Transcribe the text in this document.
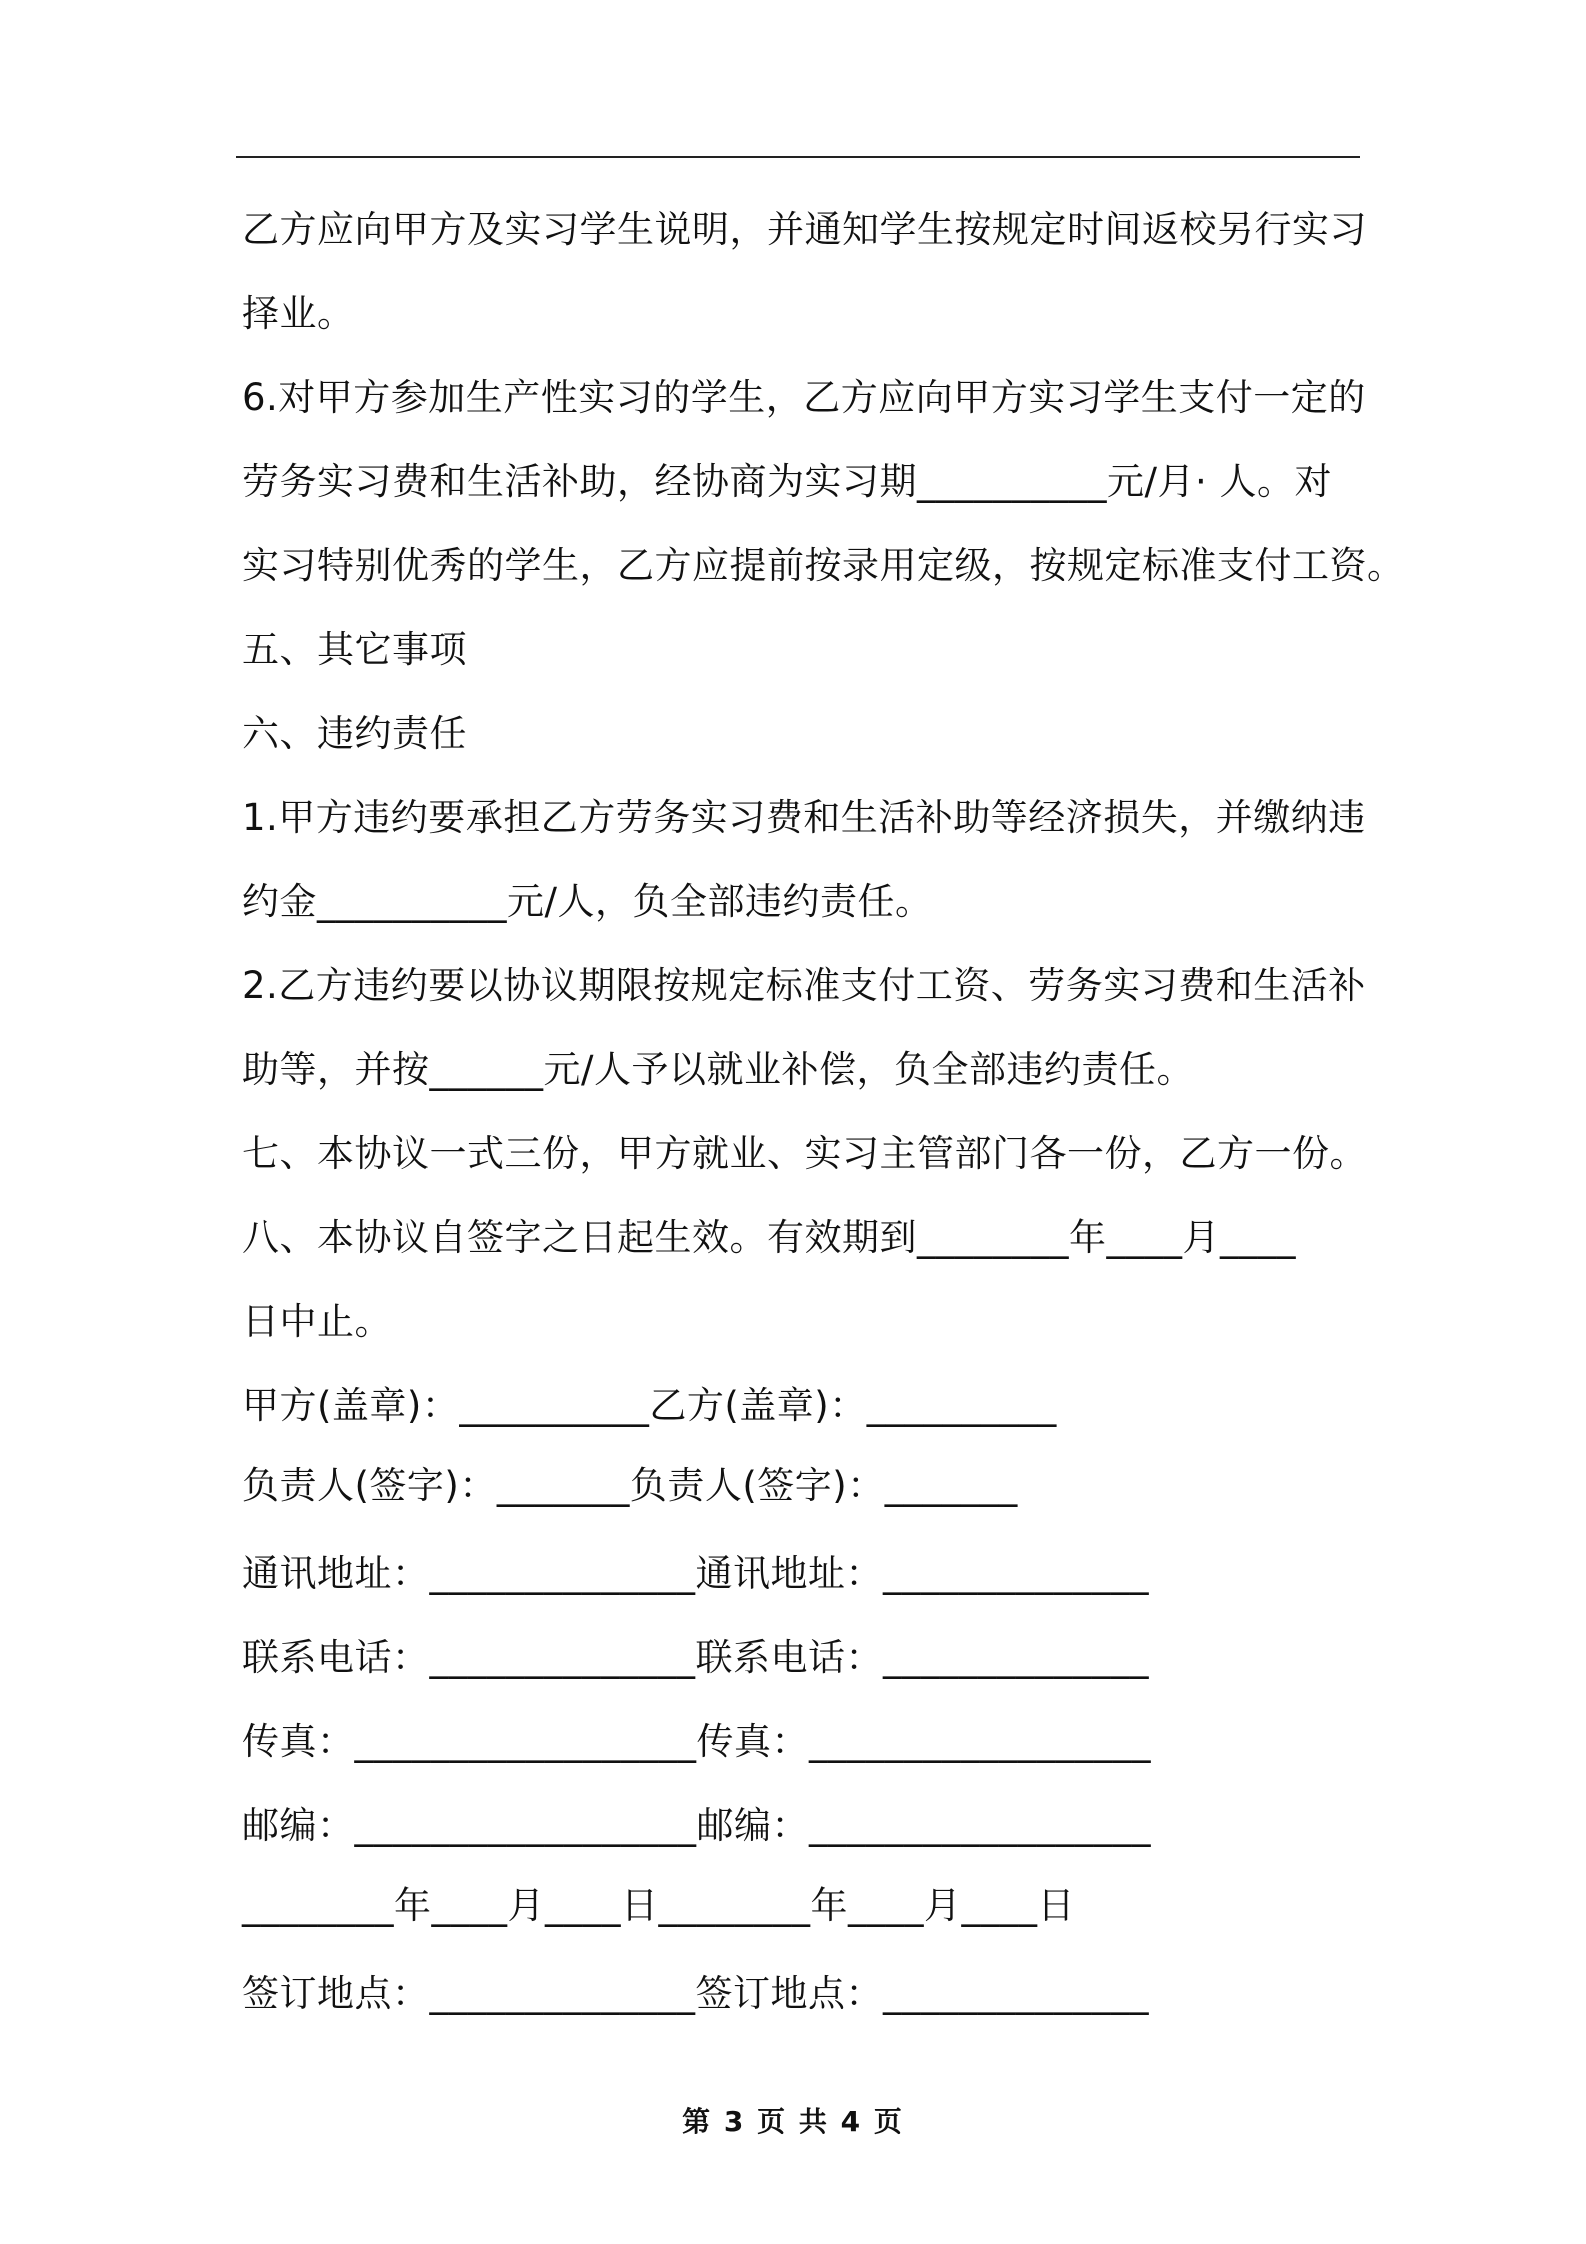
乙方应向甲方及实习学生说明，并通知学生按规定时间返校另行实习
择业。
6.对甲方参加生产性实习的学生，乙方应向甲方实习学生支付一定的
劳务实习费和生活补助，经协商为实习期__________元/月· 人。对
实习特别优秀的学生，乙方应提前按录用定级，按规定标准支付工资。
五、其它事项
六、违约责任
1.甲方违约要承担乙方劳务实习费和生活补助等经济损失，并缴纳违
约金__________元/人，负全部违约责任。
2.乙方违约要以协议期限按规定标准支付工资、劳务实习费和生活补
助等，并按______元/人予以就业补偿，负全部违约责任。
七、本协议一式三份，甲方就业、实习主管部门各一份，乙方一份。
八、本协议自签字之日起生效。有效期到________年____月____
日中止。
甲方(盖章)：__________乙方(盖章)：__________
负责人(签字)：_______负责人(签字)：_______
通讯地址：______________通讯地址：______________
联系电话：______________联系电话：______________
传真：__________________传真：__________________
邮编：__________________邮编：__________________
________年____月____日________年____月____日
签订地点：______________签订地点：______________
第 3 页 共 4 页
